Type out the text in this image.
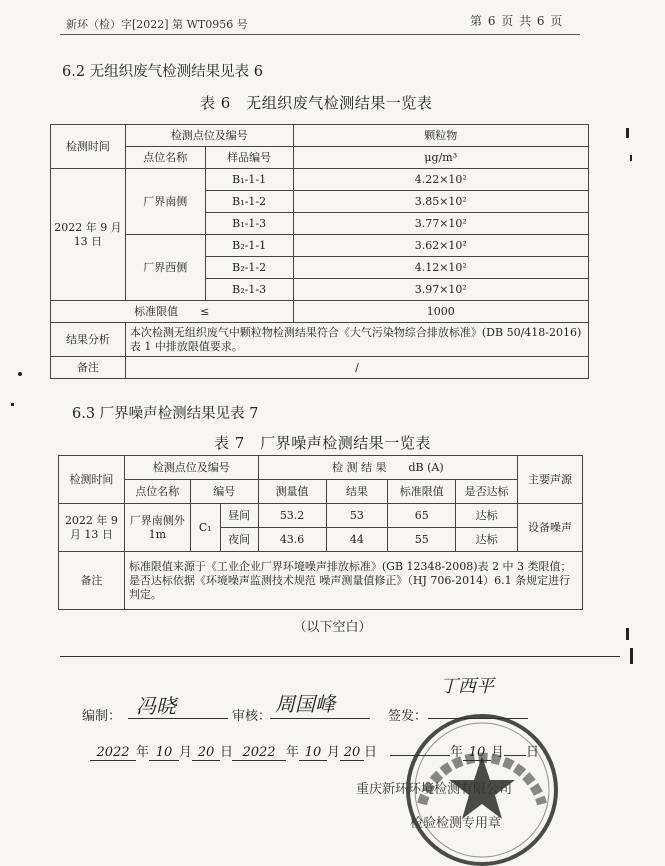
新环（检）字[2022] 第 WT0956 号	第 6 页 共 6 页
6.2 无组织废气检测结果见表 6
表 6　无组织废气检测结果一览表
检测时间	检测点位及编号		颗粒物
	点位名称	样品编号	μg/m³
2022 年 9 月 13 日	厂界南侧	B₁-1-1	4.22×10²
		B₁-1-2	3.85×10²
		B₁-1-3	3.77×10²
	厂界西侧	B₂-1-1	3.62×10²
		B₂-1-2	4.12×10²
		B₂-1-3	3.97×10²
标准限值　　≤			1000
结果分析	本次检测无组织废气中颗粒物检测结果符合《大气污染物综合排放标准》(DB 50/418-2016)表 1 中排放限值要求。		
备注	/		
6.3 厂界噪声检测结果见表 7
表 7　厂界噪声检测结果一览表
检测时间	检测点位及编号			检 测 结 果　　dB (A)				主要声源
	点位名称	编号		测量值	结果	标准限值	是否达标	
2022 年 9 月 13 日	厂界南侧外 1m	C₁	昼间	53.2	53	65	达标	设备噪声
			夜间	43.6	44	55	达标	
备注	标准限值来源于《工业企业厂界环境噪声排放标准》(GB 12348-2008)表 2 中 3 类限值；是否达标依据《环境噪声监测技术规范 噪声测量值修正》（HJ 706-2014）6.1 条规定进行判定。							
（以下空白）
编制： 冯晓	审核：
周国峰
签发：
丁西平
2022 年 10 月 20 日 2022 年 10 月 20 日	年 10 月 日
重庆新环环境检测有限公司
检验检测专用章
